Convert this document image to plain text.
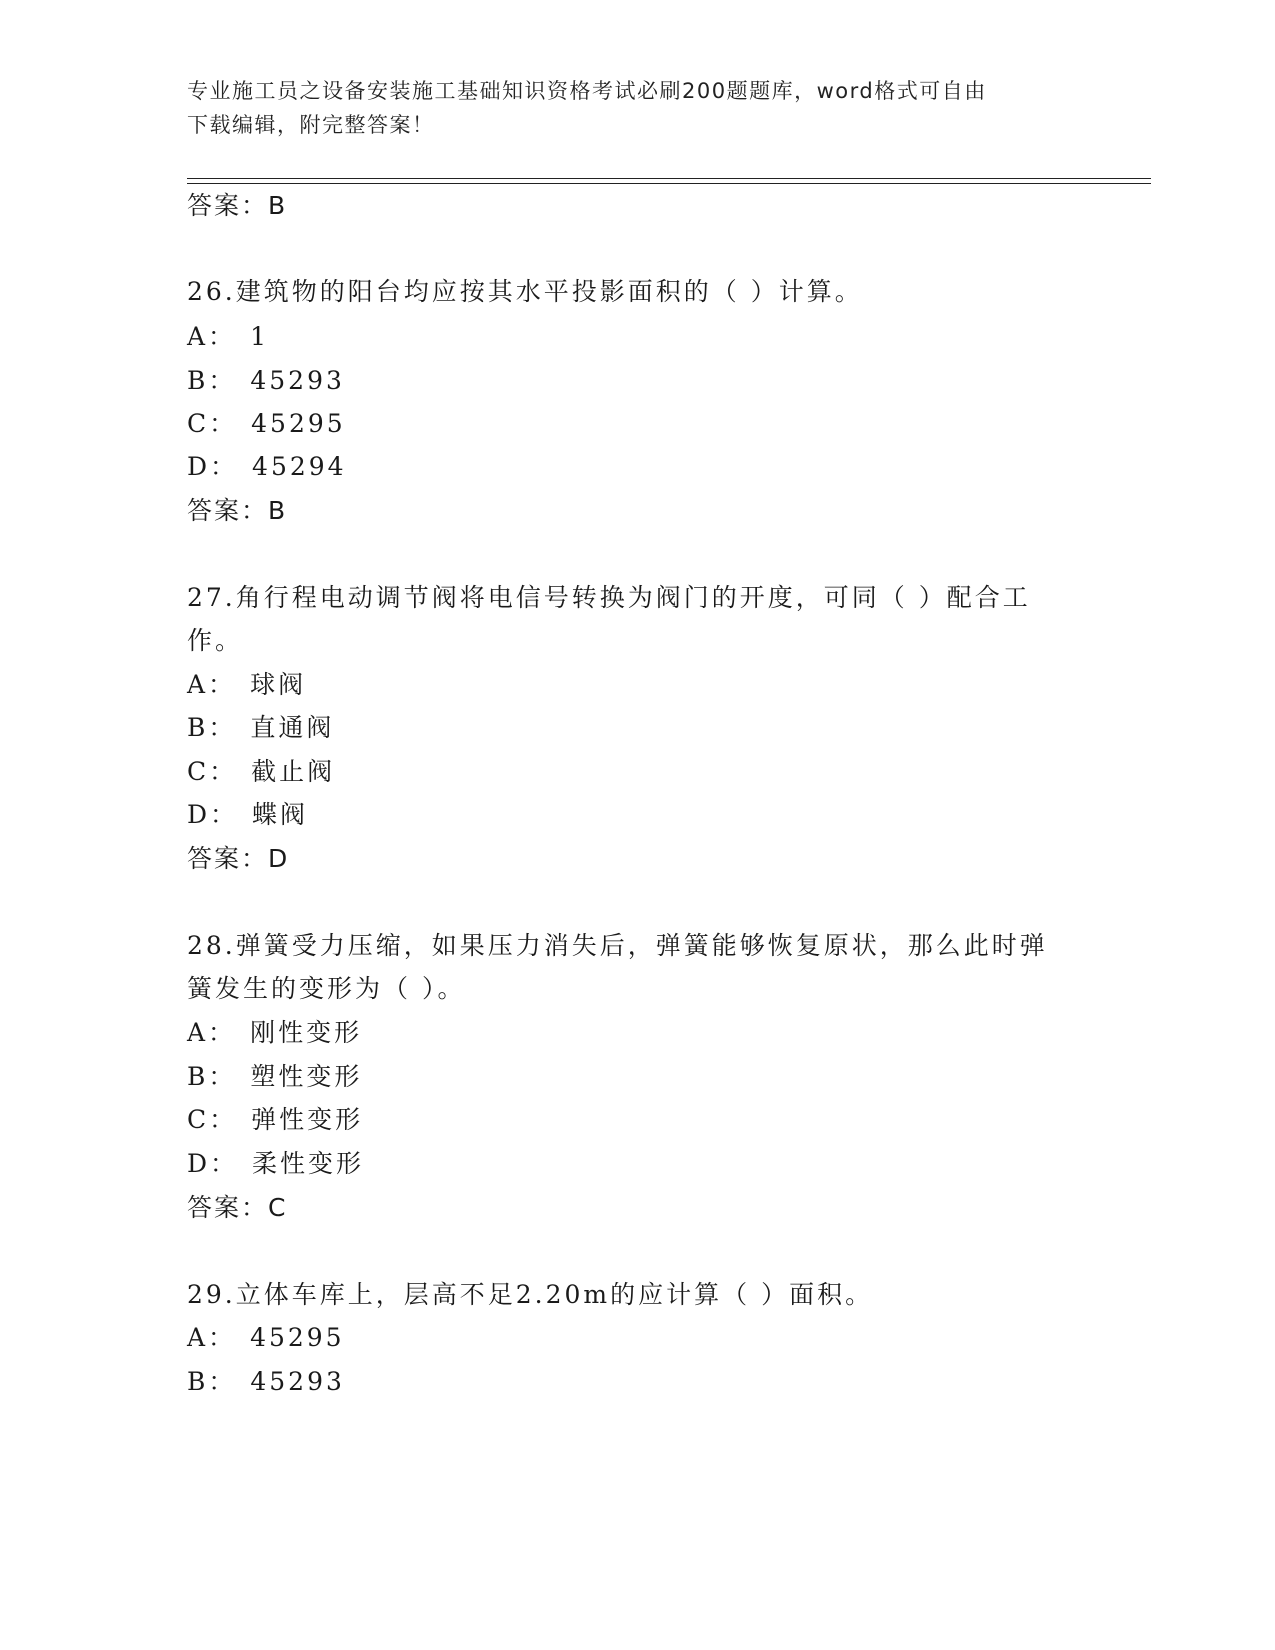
专业施工员之设备安装施工基础知识资格考试必刷200题题库，word格式可自由
下载编辑，附完整答案！
答案：B
26.建筑物的阳台均应按其水平投影面积的（ ）计算。
A： 1
B： 45293
C： 45295
D： 45294
答案：B
27.角行程电动调节阀将电信号转换为阀门的开度，可同（ ）配合工
作。
A： 球阀
B： 直通阀
C： 截止阀
D： 蝶阀
答案：D
28.弹簧受力压缩，如果压力消失后，弹簧能够恢复原状，那么此时弹
簧发生的变形为（ ）。
A： 刚性变形
B： 塑性变形
C： 弹性变形
D： 柔性变形
答案：C
29.立体车库上，层高不足2.20m的应计算（ ）面积。
A： 45295
B： 45293
